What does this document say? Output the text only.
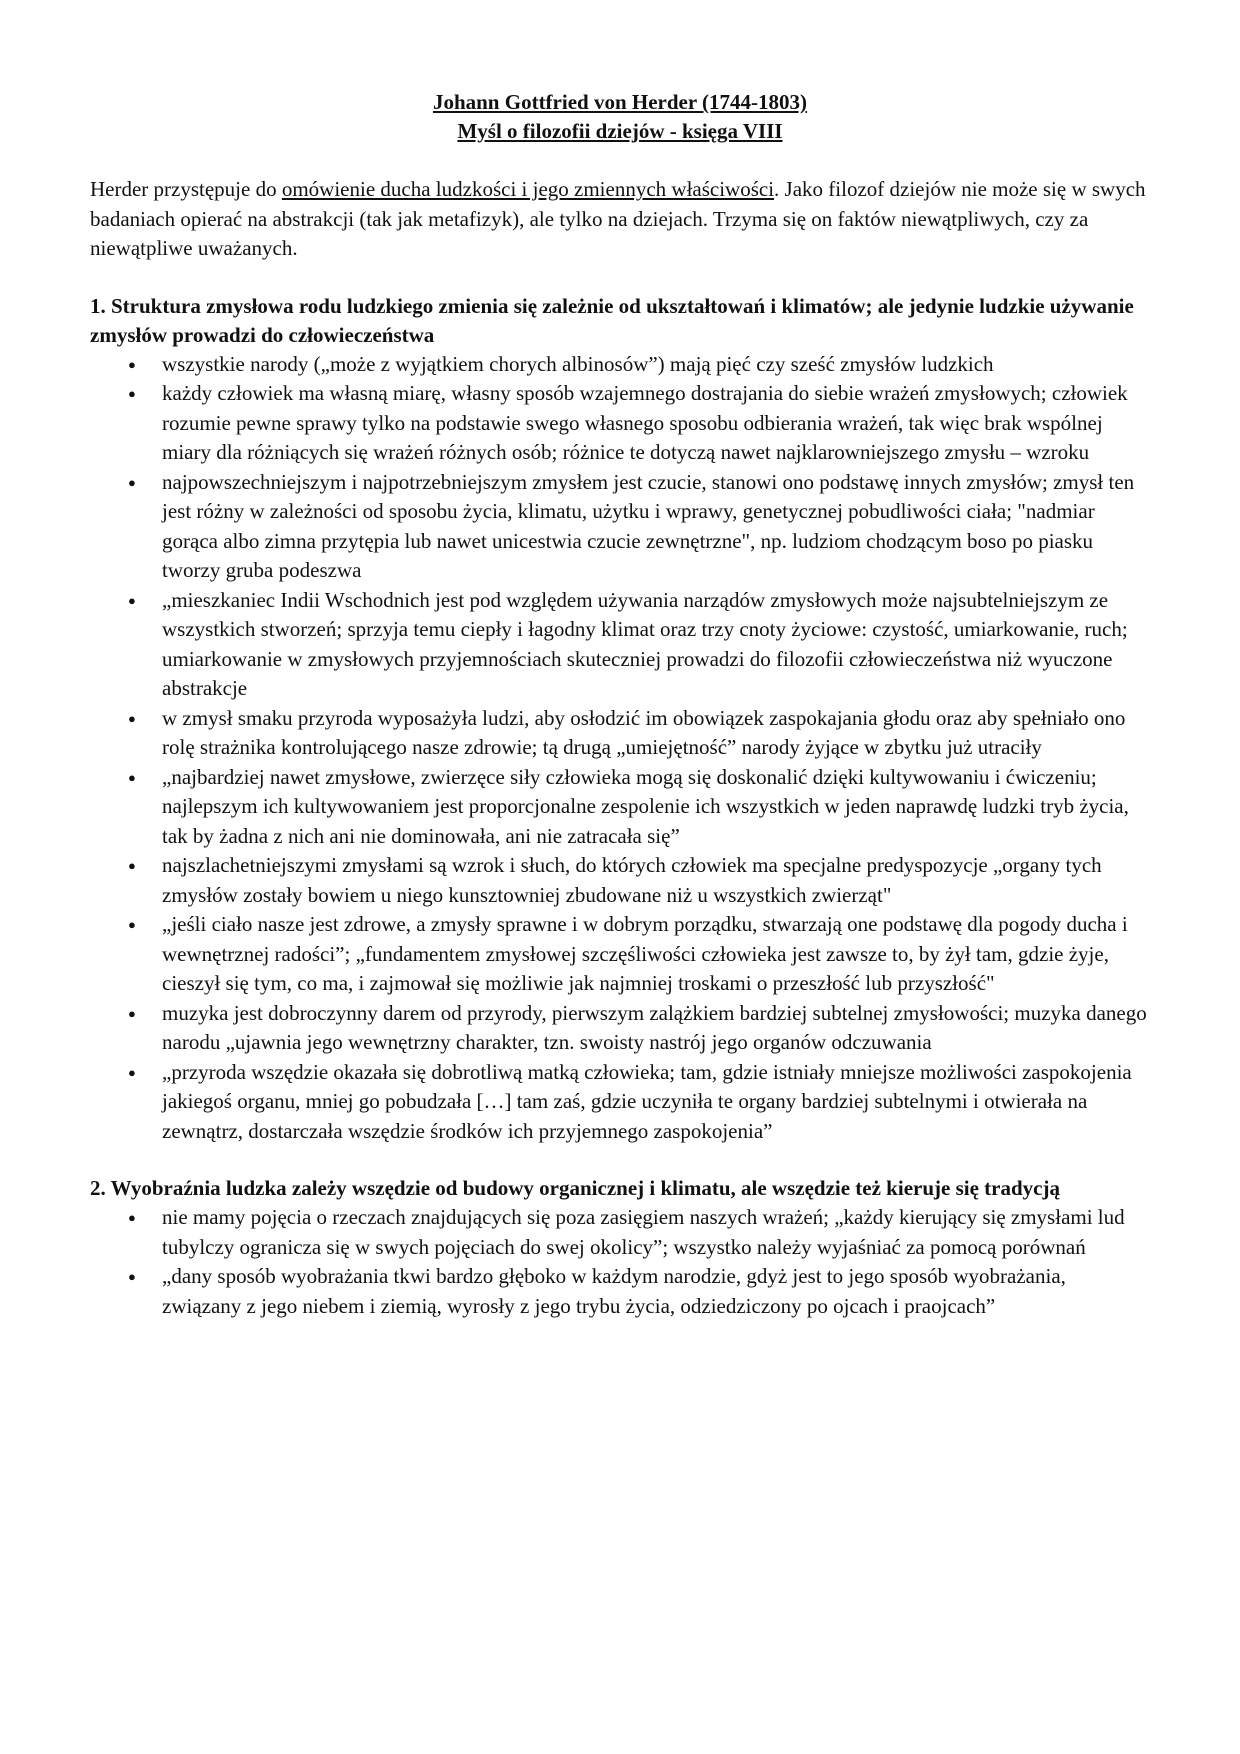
Johann Gottfried von Herder (1744-1803)

Myśl o filozofii dziejów - księga VIII

Herder przystępuje do omówienie ducha ludzkości i jego zmiennych właściwości. Jako filozof dziejów nie może się w swych badaniach opierać na abstrakcji (tak jak metafizyk), ale tylko na dziejach. Trzyma się on faktów niewątpliwych, czy za niewątpliwe uważanych.

1. Struktura zmysłowa rodu ludzkiego zmienia się zależnie od ukształtowań i klimatów; ale jedynie ludzkie używanie zmysłów prowadzi do człowieczeństwa
● wszystkie narody („może z wyjątkiem chorych albinosów”) mają pięć czy sześć zmysłów ludzkich
● każdy człowiek ma własną miarę, własny sposób wzajemnego dostrajania do siebie wrażeń zmysłowych; człowiek rozumie pewne sprawy tylko na podstawie swego własnego sposobu odbierania wrażeń, tak więc brak wspólnej miary dla różniących się wrażeń różnych osób; różnice te dotyczą nawet najklarowniejszego zmysłu – wzroku
● najpowszechniejszym i najpotrzebniejszym zmysłem jest czucie, stanowi ono podstawę innych zmysłów; zmysł ten jest różny w zależności od sposobu życia, klimatu, użytku i wprawy, genetycznej pobudliwości ciała; "nadmiar gorąca albo zimna przytępia lub nawet unicestwia czucie zewnętrzne", np. ludziom chodzącym boso po piasku tworzy gruba podeszwa
● „mieszkaniec Indii Wschodnich jest pod względem używania narządów zmysłowych może najsubtelniejszym ze wszystkich stworzeń; sprzyja temu ciepły i łagodny klimat oraz trzy cnoty życiowe: czystość, umiarkowanie, ruch; umiarkowanie w zmysłowych przyjemnościach skuteczniej prowadzi do filozofii człowieczeństwa niż wyuczone abstrakcje
● w zmysł smaku przyroda wyposażyła ludzi, aby osłodzić im obowiązek zaspokajania głodu oraz aby spełniało ono rolę strażnika kontrolującego nasze zdrowie; tą drugą „umiejętność” narody żyjące w zbytku już utraciły
● „najbardziej nawet zmysłowe, zwierzęce siły człowieka mogą się doskonalić dzięki kultywowaniu i ćwiczeniu; najlepszym ich kultywowaniem jest proporcjonalne zespolenie ich wszystkich w jeden naprawdę ludzki tryb życia, tak by żadna z nich ani nie dominowała, ani nie zatracała się”
● najszlachetniejszymi zmysłami są wzrok i słuch, do których człowiek ma specjalne predyspozycje „organy tych zmysłów zostały bowiem u niego kunsztowniej zbudowane niż u wszystkich zwierząt"
● „jeśli ciało nasze jest zdrowe, a zmysły sprawne i w dobrym porządku, stwarzają one podstawę dla pogody ducha i wewnętrznej radości”; „fundamentem zmysłowej szczęśliwości człowieka jest zawsze to, by żył tam, gdzie żyje, cieszył się tym, co ma, i zajmował się możliwie jak najmniej troskami o przeszłość lub przyszłość"
● muzyka jest dobroczynny darem od przyrody, pierwszym zalążkiem bardziej subtelnej zmysłowości; muzyka danego narodu „ujawnia jego wewnętrzny charakter, tzn. swoisty nastrój jego organów odczuwania
● „przyroda wszędzie okazała się dobrotliwą matką człowieka; tam, gdzie istniały mniejsze możliwości zaspokojenia jakiegoś organu, mniej go pobudzała […] tam zaś, gdzie uczyniła te organy bardziej subtelnymi i otwierała na zewnątrz, dostarczała wszędzie środków ich przyjemnego zaspokojenia”
2. Wyobraźnia ludzka zależy wszędzie od budowy organicznej i klimatu, ale wszędzie też kieruje się tradycją
● nie mamy pojęcia o rzeczach znajdujących się poza zasięgiem naszych wrażeń; „każdy kierujący się zmysłami lud tubylczy ogranicza się w swych pojęciach do swej okolicy”; wszystko należy wyjaśniać za pomocą porównań
● „dany sposób wyobrażania tkwi bardzo głęboko w każdym narodzie, gdyż jest to jego sposób wyobrażania, związany z jego niebem i ziemią, wyrosły z jego trybu życia, odziedziczony po ojcach i praojcach”
